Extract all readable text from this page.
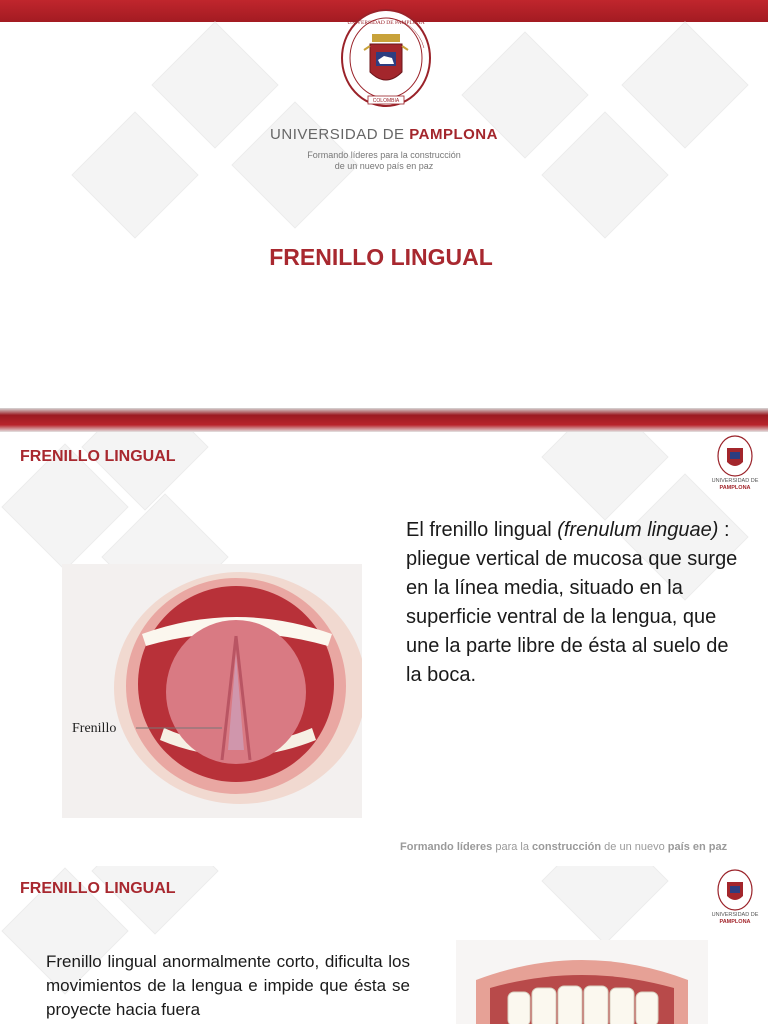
UNIVERSIDAD DE PAMPLONA
COLOMBIA
UNIVERSIDAD DE PAMPLONA
Formando líderes para la construcción
de un nuevo país en paz
FRENILLO LINGUAL
FRENILLO LINGUAL
UNIVERSIDAD DE
PAMPLONA
Frenillo
El frenillo lingual (frenulum linguae) : pliegue vertical de mucosa que surge en la línea media, situado en la superficie ventral de la lengua, que une la parte libre de ésta al suelo de la boca.
Formando líderes para la construcción de un nuevo país en paz
FRENILLO LINGUAL
UNIVERSIDAD DE
PAMPLONA
Frenillo lingual anormalmente corto, dificulta los movimientos de la lengua e impide que ésta se proyecte hacia fuera
